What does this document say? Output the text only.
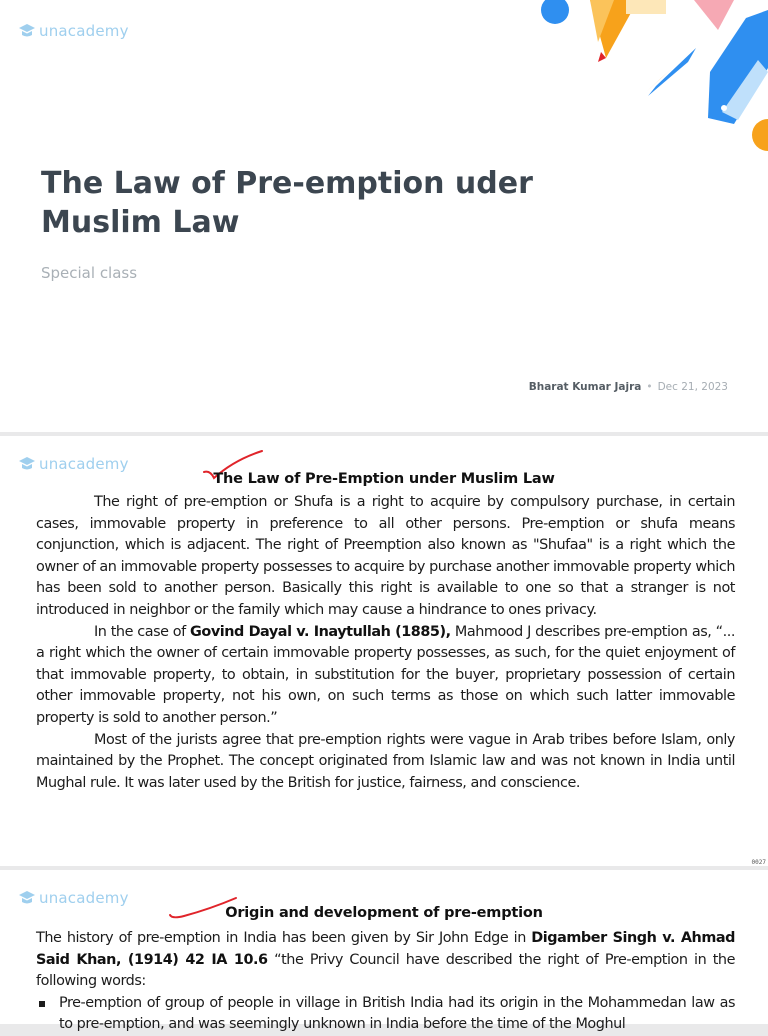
unacademy
The Law of Pre-emption uder Muslim Law

Special class

Bharat Kumar Jajra • Dec 21, 2023
unacademy
The Law of Pre-Emption under Muslim Law

The right of pre-emption or Shufa is a right to acquire by compulsory purchase, in certain cases, immovable property in preference to all other persons. Pre-emption or shufa means conjunction, which is adjacent. The right of Preemption also known as "Shufaa" is a right which the owner of an immovable property possesses to acquire by purchase another immovable property which has been sold to another person. Basically this right is available to one so that a stranger is not introduced in neighbor or the family which may cause a hindrance to ones privacy.

In the case of Govind Dayal v. Inaytullah (1885), Mahmood J describes pre-emption as, “... a right which the owner of certain immovable property possesses, as such, for the quiet enjoyment of that immovable property, to obtain, in substitution for the buyer, proprietary possession of certain other immovable property, not his own, on such terms as those on which such latter immovable property is sold to another person.”

Most of the jurists agree that pre-emption rights were vague in Arab tribes before Islam, only maintained by the Prophet. The concept originated from Islamic law and was not known in India until Mughal rule. It was later used by the British for justice, fairness, and conscience.

0027
unacademy
Origin and development of pre-emption

The history of pre-emption in India has been given by Sir John Edge in Digamber Singh v. Ahmad Said Khan, (1914) 42 IA 10.6 “the Privy Council have described the right of Pre-emption in the following words:

Pre-emption of group of people in village in British India had its origin in the Mohammedan law as to pre-emption, and was seemingly unknown in India before the time of the Moghul
